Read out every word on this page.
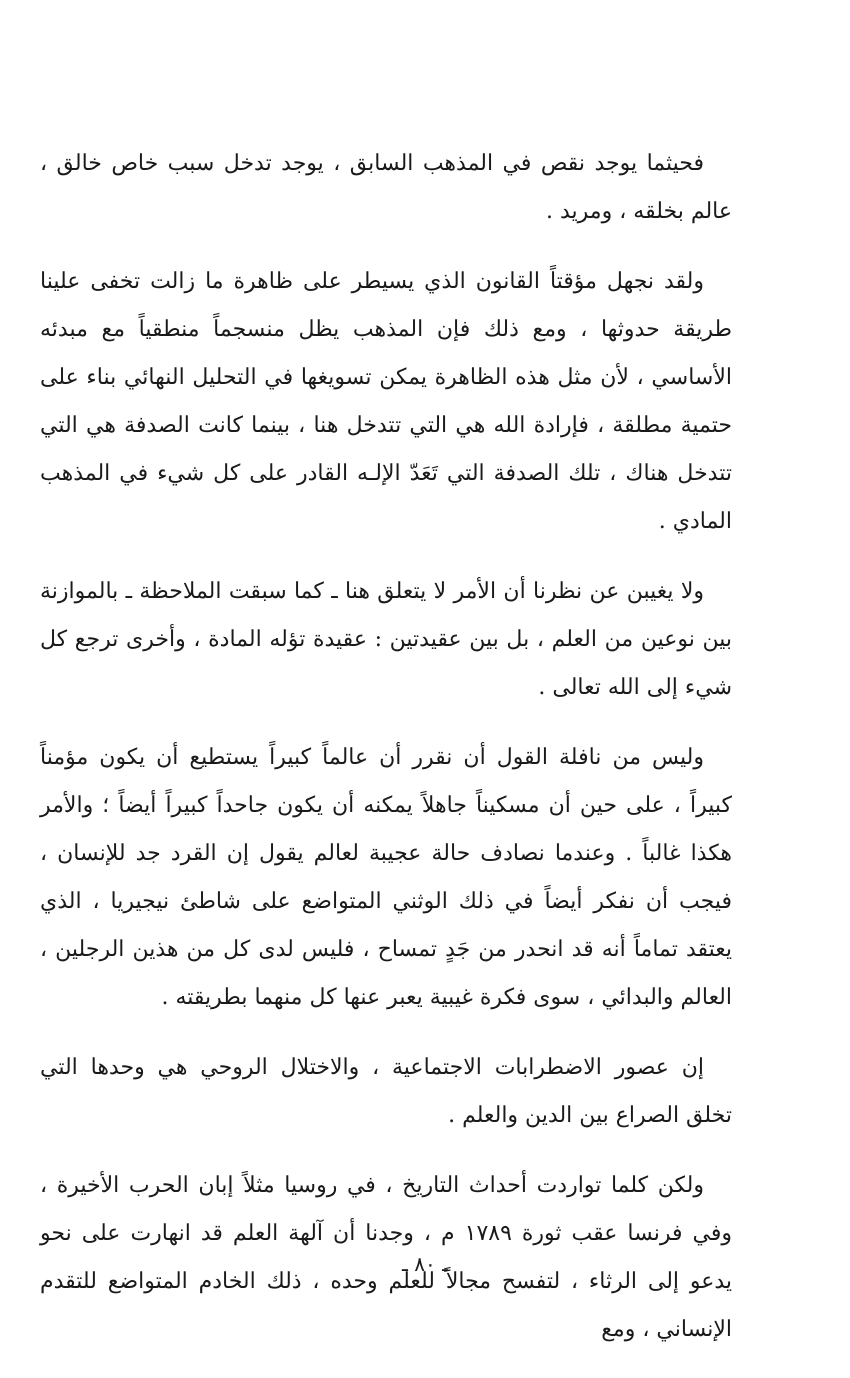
فحيثما يوجد نقص في المذهب السابق ، يوجد تدخل سبب خاص خالق ، عالم بخلقه ، ومريد .

ولقد نجهل مؤقتاً القانون الذي يسيطر على ظاهرة ما زالت تخفى علينا طريقة حدوثها ، ومع ذلك فإن المذهب يظل منسجماً منطقياً مع مبدئه الأساسي ، لأن مثل هذه الظاهرة يمكن تسويغها في التحليل النهائي بناء على حتمية مطلقة ، فإرادة الله هي التي تتدخل هنا ، بينما كانت الصدفة هي التي تتدخل هناك ، تلك الصدفة التي تَعَدّ الإلـه القادر على كل شيء في المذهب المادي .

ولا يغيبن عن نظرنا أن الأمر لا يتعلق هنا ـ كما سبقت الملاحظة ـ بالموازنة بين نوعين من العلم ، بل بين عقيدتين : عقيدة تؤله المادة ، وأخرى ترجع كل شيء إلى الله تعالى .

وليس من نافلة القول أن نقرر أن عالماً كبيراً يستطيع أن يكون مؤمناً كبيراً ، على حين أن مسكيناً جاهلاً يمكنه أن يكون جاحداً كبيراً أيضاً ؛ والأمر هكذا غالباً . وعندما نصادف حالة عجيبة لعالم يقول إن القرد جد للإنسان ، فيجب أن نفكر أيضاً في ذلك الوثني المتواضع على شاطئ نيجيريا ، الذي يعتقد تماماً أنه قد انحدر من جَدٍ تمساح ، فليس لدى كل من هذين الرجلين ، العالم والبدائي ، سوى فكرة غيبية يعبر عنها كل منهما بطريقته .

إن عصور الاضطرابات الاجتماعية ، والاختلال الروحي هي وحدها التي تخلق الصراع بين الدين والعلم .

ولكن كلما تواردت أحداث التاريخ ، في روسيا مثلاً إبان الحرب الأخيرة ، وفي فرنسا عقب ثورة ١٧٨٩ م ، وجدنا أن آلهة العلم قد انهارت على نحو يدعو إلى الرثاء ، لتفسح مجالاً للعلم وحده ، ذلك الخادم المتواضع للتقدم الإنساني ، ومع

ـ ٨٠ ـ
